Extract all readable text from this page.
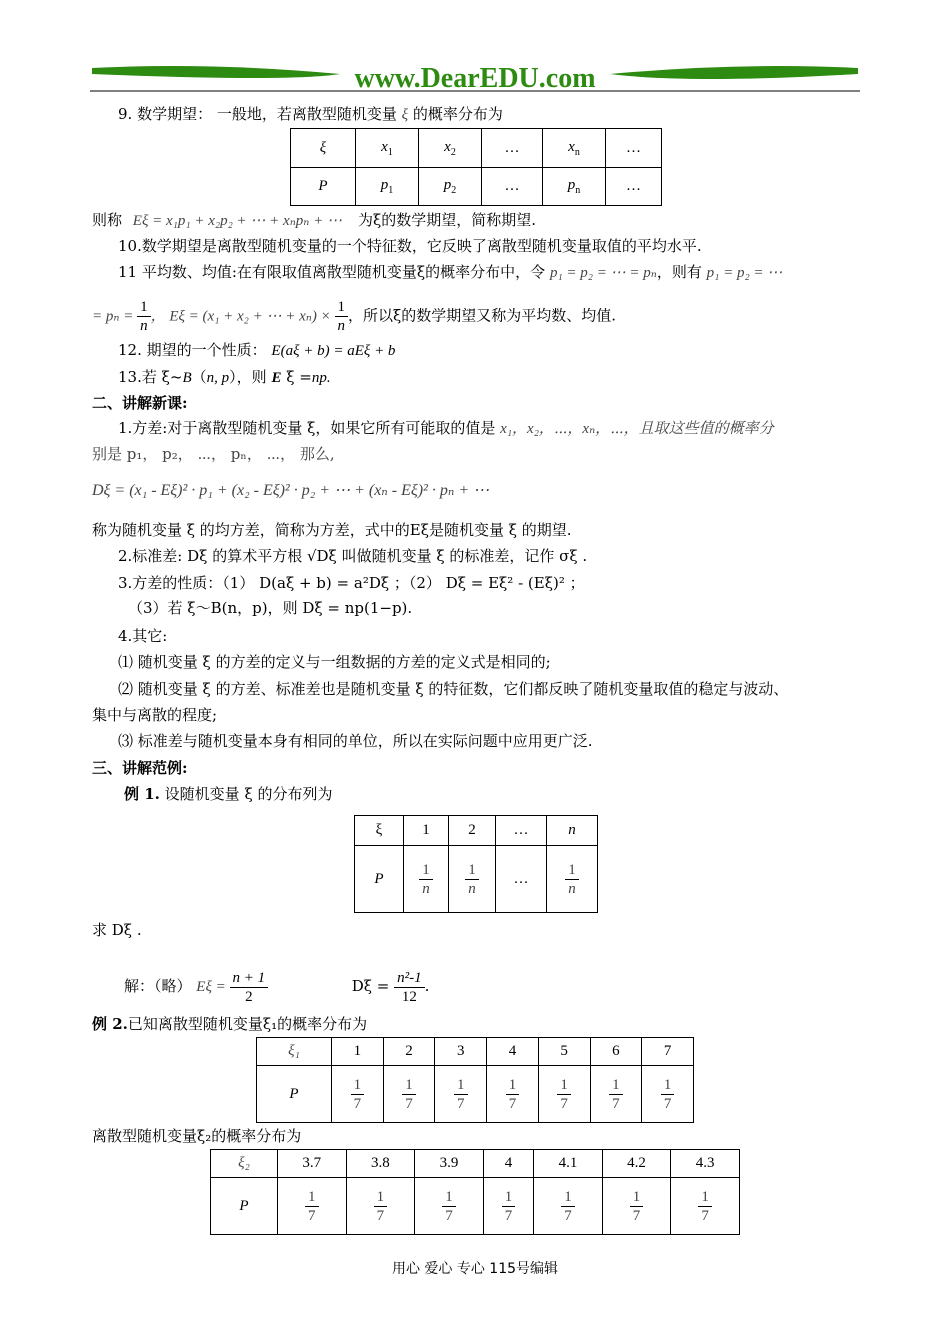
www.DearEDU.com
9. 数学期望： 一般地，若离散型随机变量 ξ 的概率分布为
ξ	$x_1$	$x_2$	…	$x_n$	…
P	$p_1$	$p_2$	…	$p_n$	…
则称 Eξ = x₁p₁ + x₂p₂ + ⋯ + xₙpₙ + ⋯ 为ξ的数学期望，简称期望.
10.数学期望是离散型随机变量的一个特征数，它反映了离散型随机变量取值的平均水平.
11 平均数、均值:在有限取值离散型随机变量ξ的概率分布中，令 p₁ = p₂ = ⋯ = pₙ，则有 p₁ = p₂ = ⋯
= $p_n = \frac{1}{n}$ ， Eξ = (x₁ + x₂ + ⋯ + $x_n) \times \frac{1}{n}$ ，所以ξ的数学期望又称为平均数、均值.
12. 期望的一个性质： E(aξ + b) = aEξ + b
13.若 ξ~B（n, p），则 E ξ =np.
二、讲解新课:
1.方差:对于离散型随机变量 ξ，如果它所有可能取的值是 x₁，x₂，⋯，xₙ，⋯，且取这些值的概率分
别是 p₁， p₂， ⋯， pₙ， ⋯， 那么,
Dξ = (x₁ - Eξ)² · p₁ + (x₂ - Eξ)² · p₂ + ⋯ + (xₙ - Eξ)² · pₙ + ⋯
称为随机变量 ξ 的均方差，简称为方差，式中的Eξ是随机变量 ξ 的期望.
2.标准差: Dξ 的算术平方根 √Dξ 叫做随机变量 ξ 的标准差，记作 σξ .
3.方差的性质：（1） D(aξ + b) = a²Dξ ；（2） Dξ = Eξ² - (Eξ)² ；
（3）若 ξ～B(n，p)，则 Dξ = np(1−p).
4.其它:
⑴ 随机变量 ξ 的方差的定义与一组数据的方差的定义式是相同的;
⑵ 随机变量 ξ 的方差、标准差也是随机变量 ξ 的特征数，它们都反映了随机变量取值的稳定与波动、
集中与离散的程度;
⑶ 标准差与随机变量本身有相同的单位，所以在实际问题中应用更广泛.
三、讲解范例:
例 1. 设随机变量 ξ 的分布列为
ξ	1	2	…	n
P	$\frac{1}{n}$	$\frac{1}{n}$	…	$\frac{1}{n}$
求 Dξ .
解：（略） $E\xi = \frac{n + 1}{2}$	$D\xi = \frac{\text{n²-1}}{12}$ .
例 2.已知离散型随机变量ξ₁的概率分布为
ξ₁	1	2	3	4	5	6	7
P	$\frac{1}{7}$	$\frac{1}{7}$	$\frac{1}{7}$	$\frac{1}{7}$	$\frac{1}{7}$	$\frac{1}{7}$	$\frac{1}{7}$
离散型随机变量ξ₂的概率分布为
ξ₂	3.7	3.8	3.9	4	4.1	4.2	4.3
P	$\frac{1}{7}$	$\frac{1}{7}$	$\frac{1}{7}$	$\frac{1}{7}$	$\frac{1}{7}$	$\frac{1}{7}$	$\frac{1}{7}$
用心 爱心 专心 115号编辑
